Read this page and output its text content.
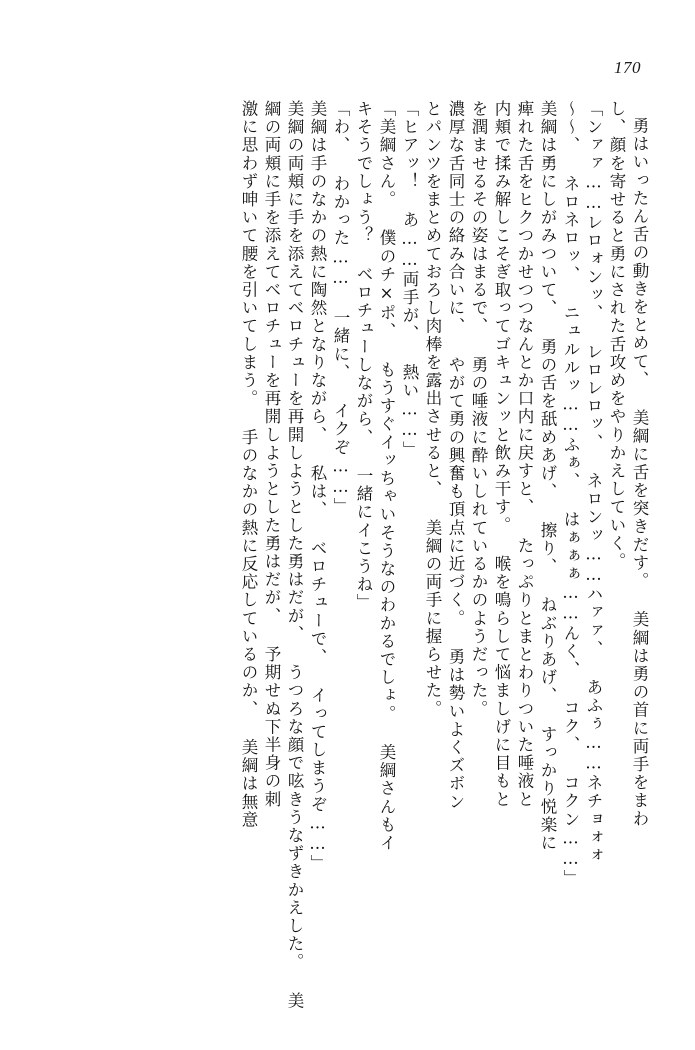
170
勇はいったん舌の動きをとめて、 美綱に舌を突きだす。 美綱は勇の首に両手をまわ
し、顔を寄せると勇にされた舌攻めをやりかえしていく。
「ンァァ……レロォンッ、 レロレロッ、 ネロンッ……ハァァ、 あふぅ……ネチョォォ
〜〜、 ネロネロッ、 ニュルルッ……ふぁ、 はぁぁぁ……んく、 コク、 コクン……」
美綱は勇にしがみついて、 勇の舌を舐めあげ、 擦り、 ねぶりあげ、 すっかり悦楽に
痺れた舌をヒクつかせつつなんとか口内に戻すと、 たっぷりとまとわりついた唾液と
内頬で揉み解しこそぎ取ってゴキュンッと飲み干す。 喉を鳴らして悩ましげに目もと
を潤ませるその姿はまるで、 勇の唾液に酔いしれているかのようだった。
濃厚な舌同士の絡み合いに、 やがて勇の興奮も頂点に近づく。 勇は勢いよくズボン
とパンツをまとめておろし肉棒を露出させると、 美綱の両手に握らせた。
「ヒアッ！ あ……両手が、 熱い……」
「美綱さん。 僕のチ×ポ、 もうすぐイッちゃいそうなのわかるでしょ。 美綱さんもイ
キそうでしょう？ ベロチューしながら、 一緒にイこうね」
「わ、 わかった…… 一緒に、 イクぞ……」
美綱は手のなかの熱に陶然となりながら、 私は、 ベロチューで、 イってしまうぞ……」
美綱の両頬に手を添えてベロチューを再開しようとした勇はだが、 うつろな顔で呟きうなずきかえした。 美
綱の両頬に手を添えてベロチューを再開しようとした勇はだが、 予期せぬ下半身の刺
激に思わず呻いて腰を引いてしまう。 手のなかの熱に反応しているのか、 美綱は無意
